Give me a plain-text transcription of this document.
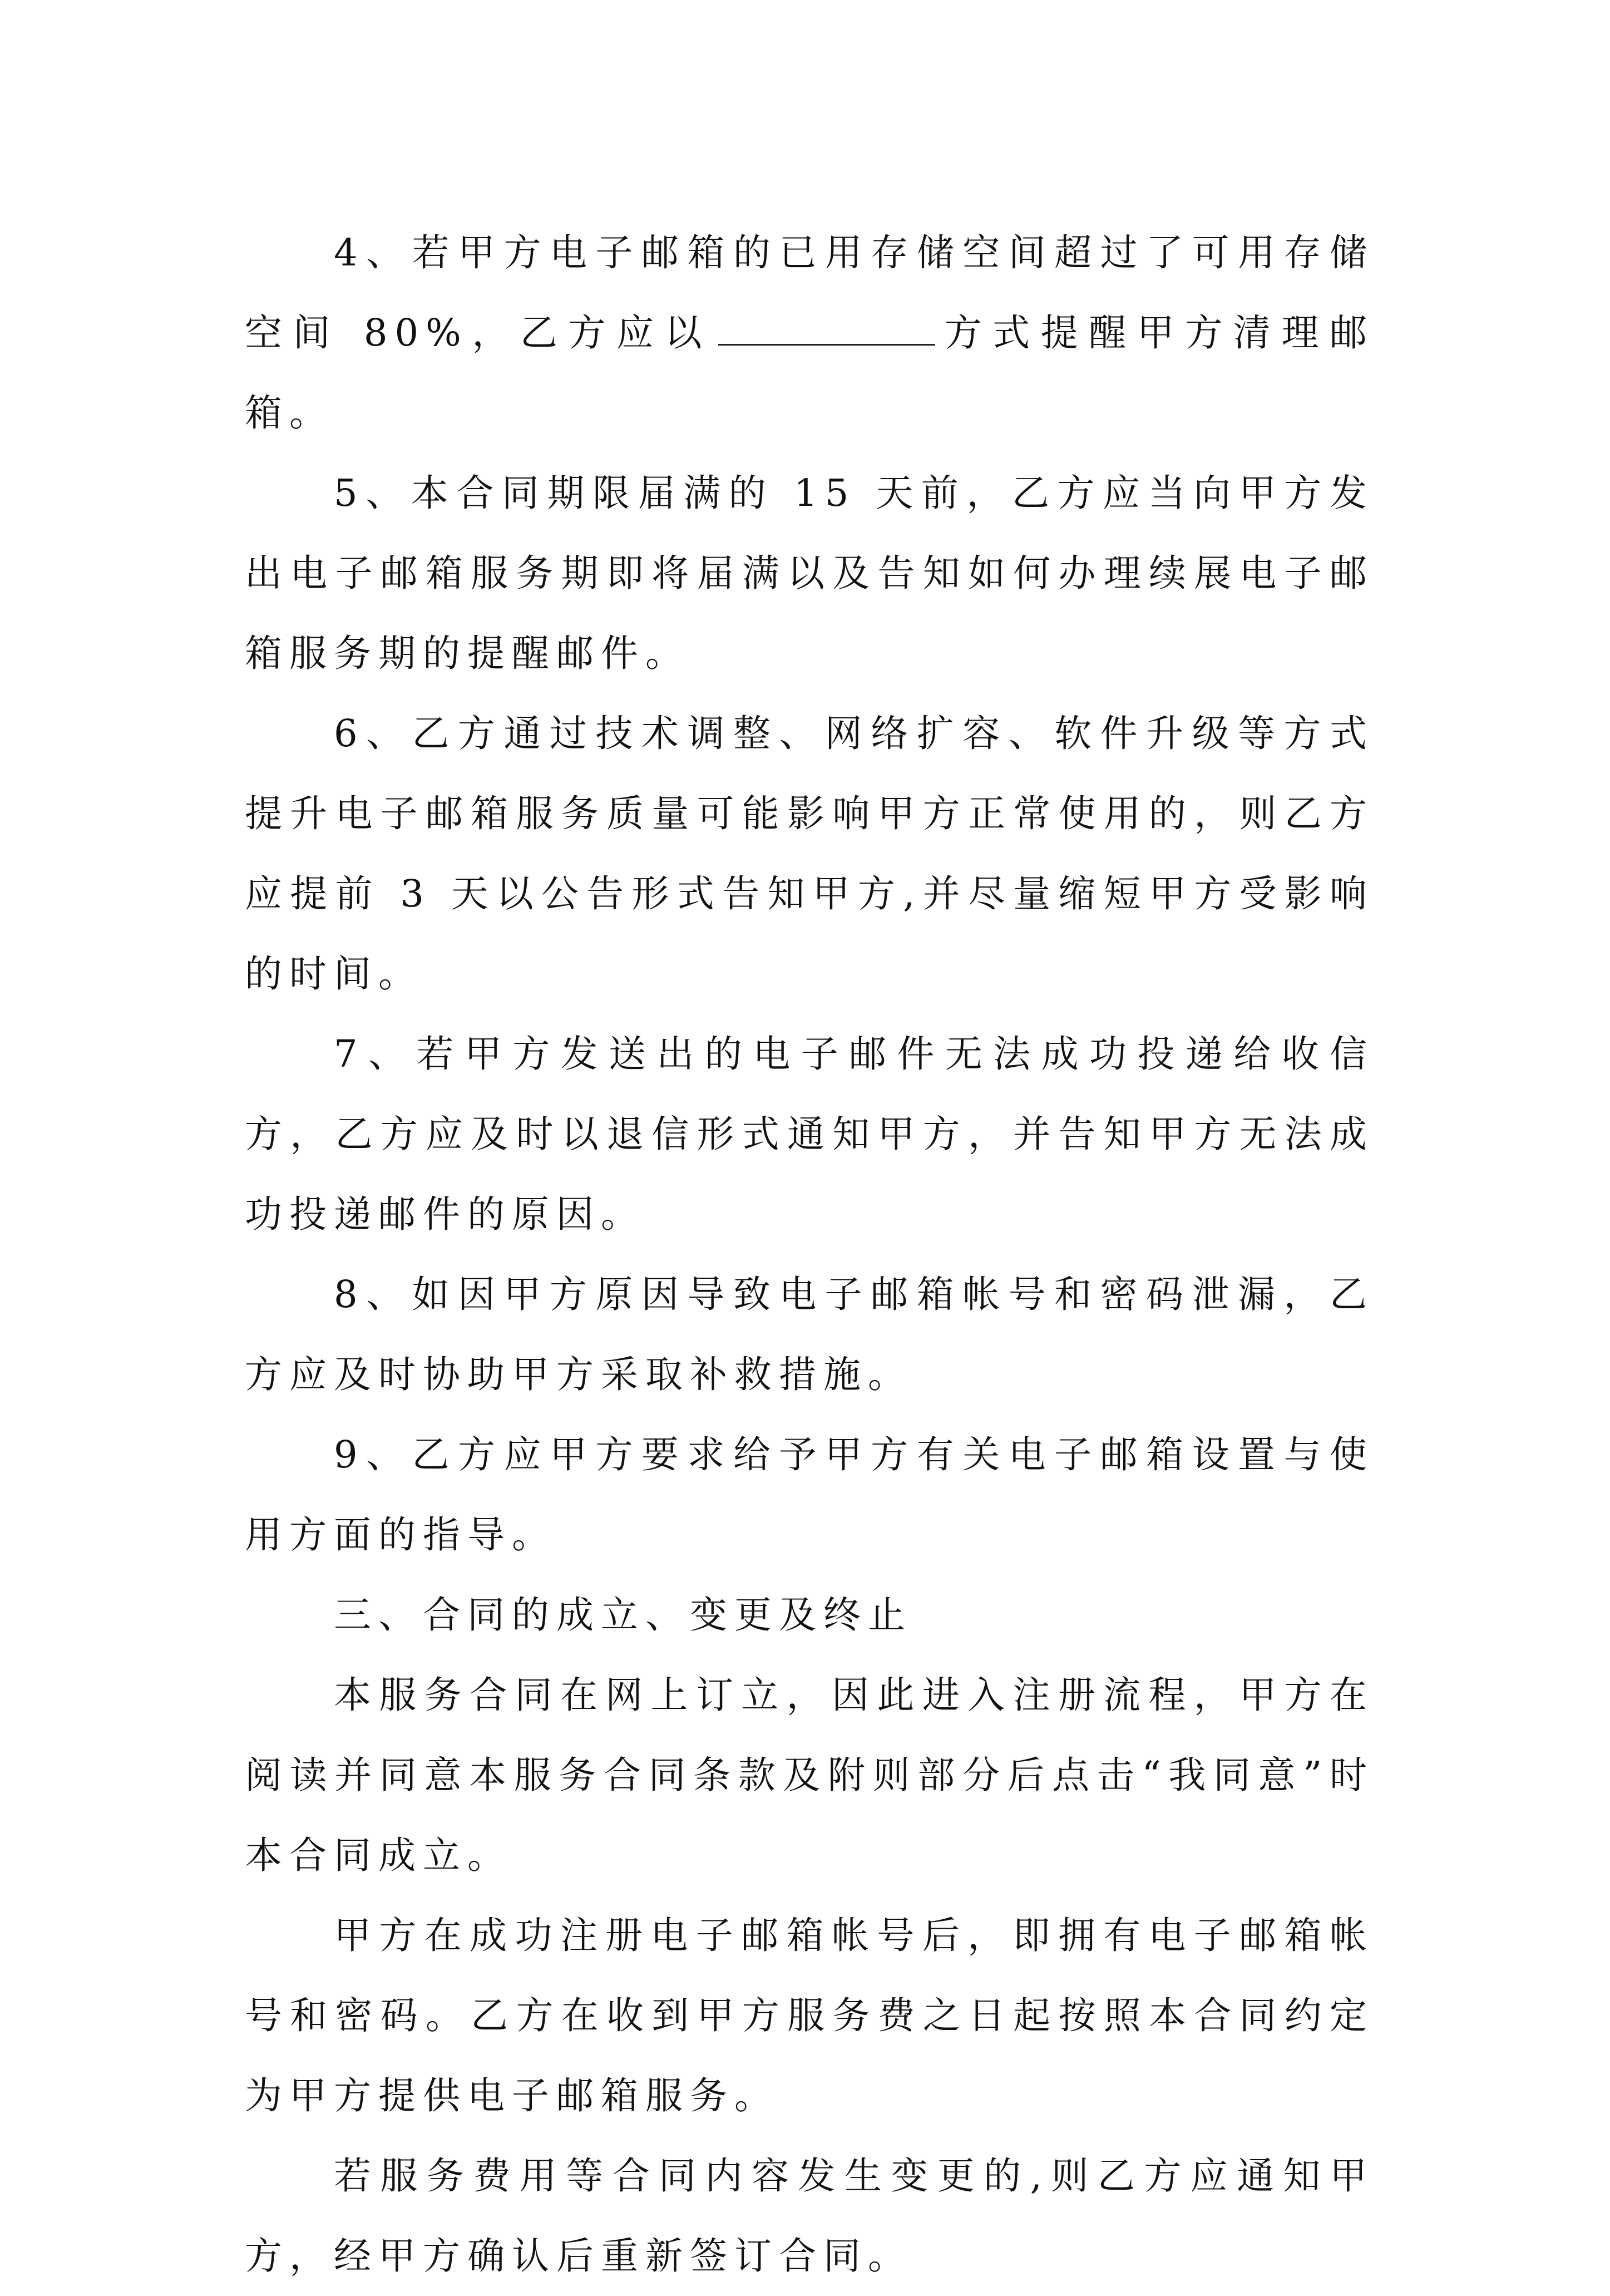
4、若甲方电子邮箱的已用存储空间超过了可用存储空间 80%，乙方应以	方式提醒甲方清理邮箱。

5、本合同期限届满的 15 天前，乙方应当向甲方发出电子邮箱服务期即将届满以及告知如何办理续展电子邮箱服务期的提醒邮件。

6、乙方通过技术调整、网络扩容、软件升级等方式提升电子邮箱服务质量可能影响甲方正常使用的，则乙方应提前 3 天以公告形式告知甲方,并尽量缩短甲方受影响的时间。

7、若甲方发送出的电子邮件无法成功投递给收信方，乙方应及时以退信形式通知甲方，并告知甲方无法成功投递邮件的原因。

8、如因甲方原因导致电子邮箱帐号和密码泄漏，乙方应及时协助甲方采取补救措施。

9、乙方应甲方要求给予甲方有关电子邮箱设置与使用方面的指导。

三、合同的成立、变更及终止

本服务合同在网上订立，因此进入注册流程，甲方在阅读并同意本服务合同条款及附则部分后点击“我同意”时本合同成立。

甲方在成功注册电子邮箱帐号后，即拥有电子邮箱帐号和密码。乙方在收到甲方服务费之日起按照本合同约定为甲方提供电子邮箱服务。

若服务费用等合同内容发生变更的,则乙方应通知甲方，经甲方确认后重新签订合同。
